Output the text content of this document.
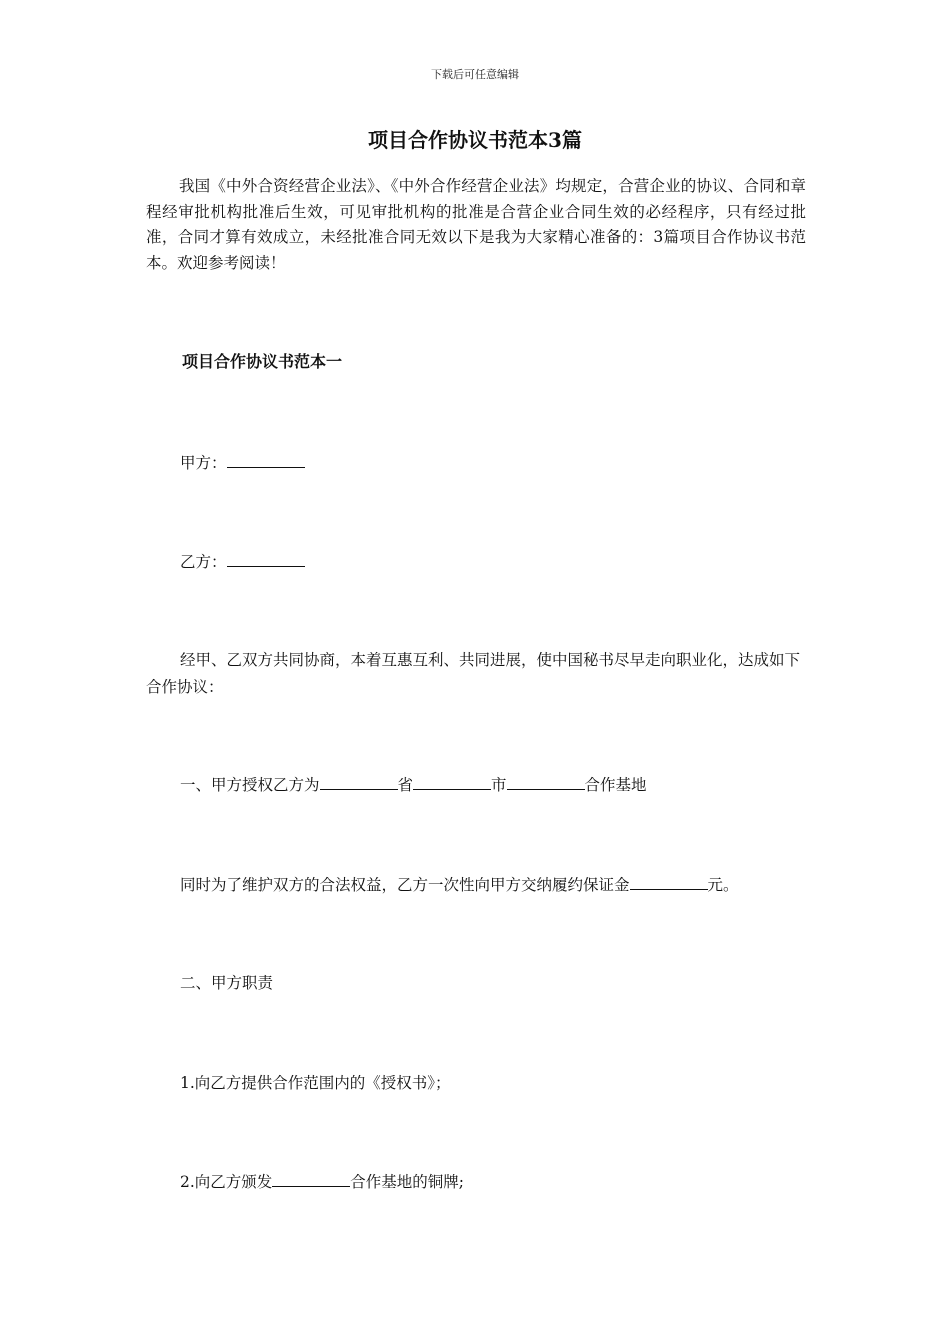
下载后可任意编辑
项目合作协议书范本3篇
我国《中外合资经营企业法》、《中外合作经营企业法》均规定，合营企业的协议、合同和章程经审批机构批准后生效，可见审批机构的批准是合营企业合同生效的必经程序，只有经过批准，合同才算有效成立，未经批准合同无效以下是我为大家精心准备的：3篇项目合作协议书范本。欢迎参考阅读！
项目合作协议书范本一
甲方：
乙方：
经甲、乙双方共同协商，本着互惠互利、共同进展，使中国秘书尽早走向职业化，达成如下合作协议：
一、甲方授权乙方为	省	市	合作基地
同时为了维护双方的合法权益，乙方一次性向甲方交纳履约保证金	元。
二、甲方职责
1.向乙方提供合作范围内的《授权书》；
2.向乙方颁发	合作基地的铜牌;
